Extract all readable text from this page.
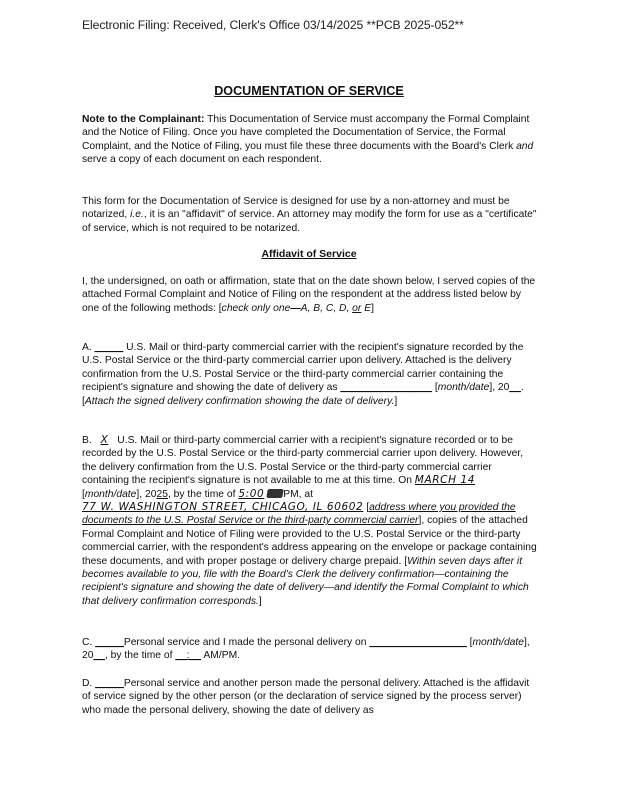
Electronic Filing: Received, Clerk's Office 03/14/2025 **PCB 2025-052**
DOCUMENTATION OF SERVICE
Note to the Complainant: This Documentation of Service must accompany the Formal Complaint and the Notice of Filing. Once you have completed the Documentation of Service, the Formal Complaint, and the Notice of Filing, you must file these three documents with the Board's Clerk and serve a copy of each document on each respondent.
This form for the Documentation of Service is designed for use by a non-attorney and must be notarized, i.e., it is an "affidavit" of service. An attorney may modify the form for use as a "certificate" of service, which is not required to be notarized.
Affidavit of Service
I, the undersigned, on oath or affirmation, state that on the date shown below, I served copies of the attached Formal Complaint and Notice of Filing on the respondent at the address listed below by one of the following methods: [check only one—A, B, C, D, or E]
A. _____ U.S. Mail or third-party commercial carrier with the recipient's signature recorded by the U.S. Postal Service or the third-party commercial carrier upon delivery. Attached is the delivery confirmation from the U.S. Postal Service or the third-party commercial carrier containing the recipient's signature and showing the date of delivery as ________________ [month/date], 20__. [Attach the signed delivery confirmation showing the date of delivery.]
B. X U.S. Mail or third-party commercial carrier with a recipient's signature recorded or to be recorded by the U.S. Postal Service or the third-party commercial carrier upon delivery. However, the delivery confirmation from the U.S. Postal Service or the third-party commercial carrier containing the recipient's signature is not available to me at this time. On MARCH 14 [month/date], 2025, by the time of 5:00 PM, at 77 W. WASHINGTON STREET, CHICAGO, IL 60602 [address where you provided the documents to the U.S. Postal Service or the third-party commercial carrier], copies of the attached Formal Complaint and Notice of Filing were provided to the U.S. Postal Service or the third-party commercial carrier, with the respondent's address appearing on the envelope or package containing these documents, and with proper postage or delivery charge prepaid. [Within seven days after it becomes available to you, file with the Board's Clerk the delivery confirmation—containing the recipient's signature and showing the date of delivery—and identify the Formal Complaint to which that delivery confirmation corresponds.]
C. _____Personal service and I made the personal delivery on _________________ [month/date], 20__, by the time of __:__ AM/PM.
D. _____Personal service and another person made the personal delivery. Attached is the affidavit of service signed by the other person (or the declaration of service signed by the process server) who made the personal delivery, showing the date of delivery as
